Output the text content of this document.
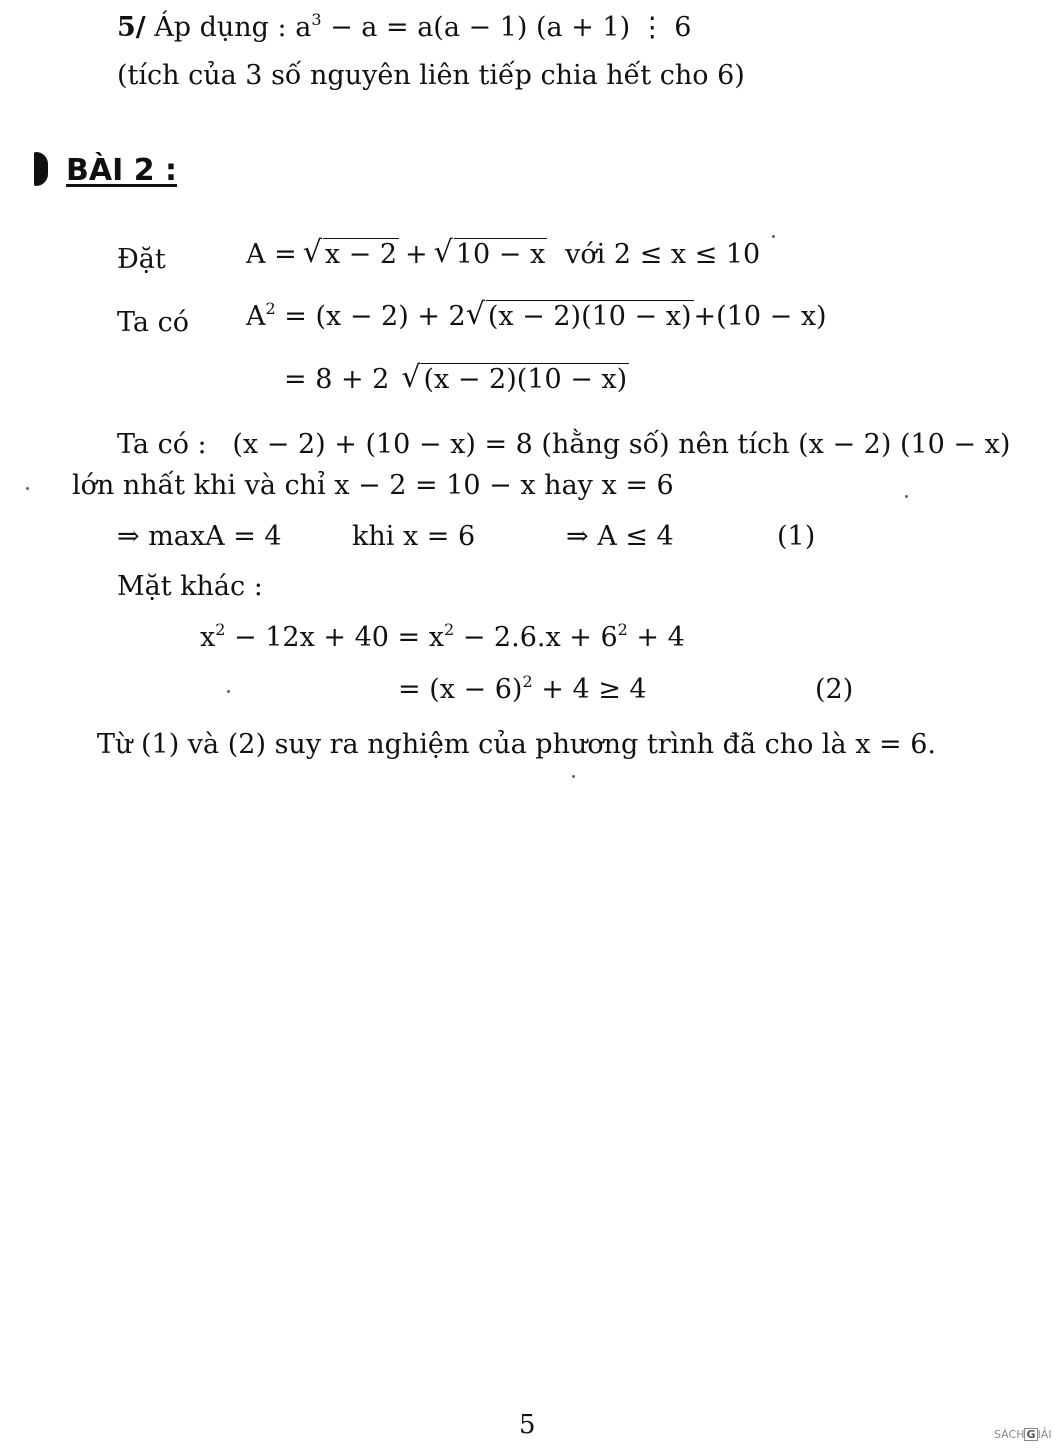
5/ Áp dụng : $a^3 - a = a(a - 1) (a + 1)$ ⋮ 6
(tích của 3 số nguyên liên tiếp chia hết cho 6)
BÀI 2 :
Đặt	A = √ x − 2 + √ 10 − x với 2 ≤ x ≤ 10
Ta có $A^2 = (x - 2) + 2$ √ (x − 2)(10 − x) +(10 − x)
= 8 + 2 √ (x − 2)(10 − x)
Ta có :   (x − 2) + (10 − x) = 8 (hằng số) nên tích (x − 2) (10 − x)
lớn nhất khi và chỉ x − 2 = 10 − x hay x = 6
⇒ maxA = 4	khi x = 6	⇒ A ≤ 4	(1)
Mặt khác :
$x^2 - 12x + 40 = x^2 - 2.6.x + 6^2 + 4$
= $(x - 6)^2 + 4 \ge 4$	(2)
Từ (1) và (2) suy ra nghiệm của phương trình đã cho là x = 6.
5	SÁCH G IẢI
